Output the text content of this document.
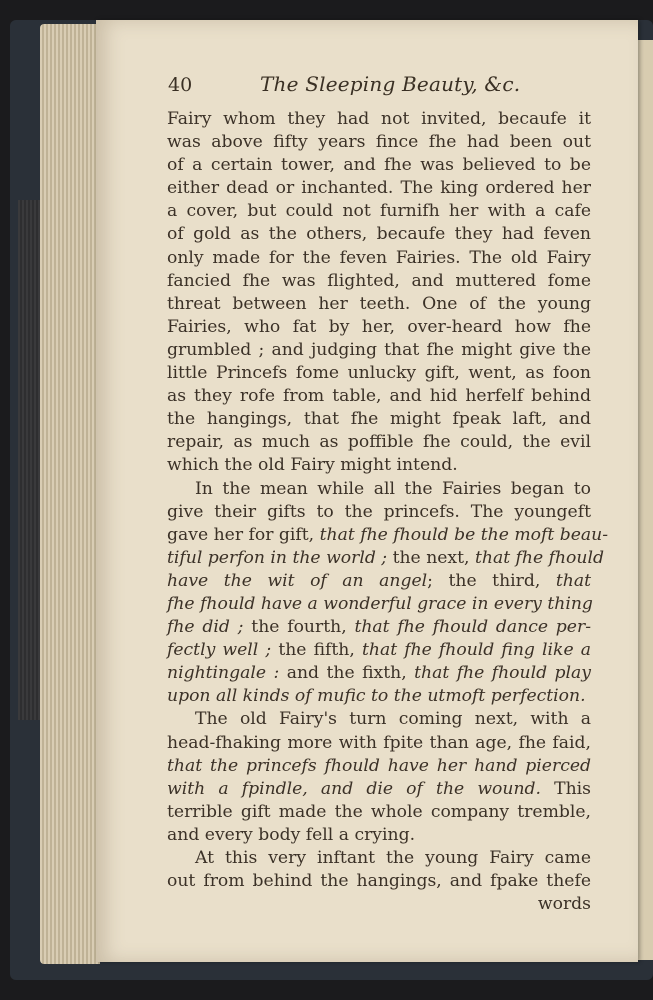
40	The Sleeping Beauty, &c.
Fairy whom they had not invited, becaufe it
was above fifty years fince fhe had been out
of a certain tower, and fhe was believed to be
either dead or inchanted. The king ordered her
a cover, but could not furnifh her with a cafe
of gold as the others, becaufe they had feven
only made for the feven Fairies. The old Fairy
fancied fhe was flighted, and muttered fome
threat between her teeth. One of the young
Fairies, who fat by her, over-heard how fhe
grumbled ; and judging that fhe might give the
little Princefs fome unlucky gift, went, as foon
as they rofe from table, and hid herfelf behind
the hangings, that fhe might fpeak laft, and
repair, as much as poffible fhe could, the evil
which the old Fairy might intend.
In the mean while all the Fairies began to
give their gifts to the princefs. The youngeft
gave her for gift, that fhe fhould be the moft beau-
tiful perfon in the world ; the next, that fhe fhould
have the wit of an angel; the third, that
fhe fhould have a wonderful grace in every thing
fhe did ; the fourth, that fhe fhould dance per-
fectly well ; the fifth, that fhe fhould fing like a
nightingale : and the fixth, that fhe fhould play
upon all kinds of mufic to the utmoft perfection.
The old Fairy's turn coming next, with a
head-fhaking more with fpite than age, fhe faid,
that the princefs fhould have her hand pierced
with a fpindle, and die of the wound. This
terrible gift made the whole company tremble,
and every body fell a crying.
At this very inftant the young Fairy came
out from behind the hangings, and fpake thefe
words
